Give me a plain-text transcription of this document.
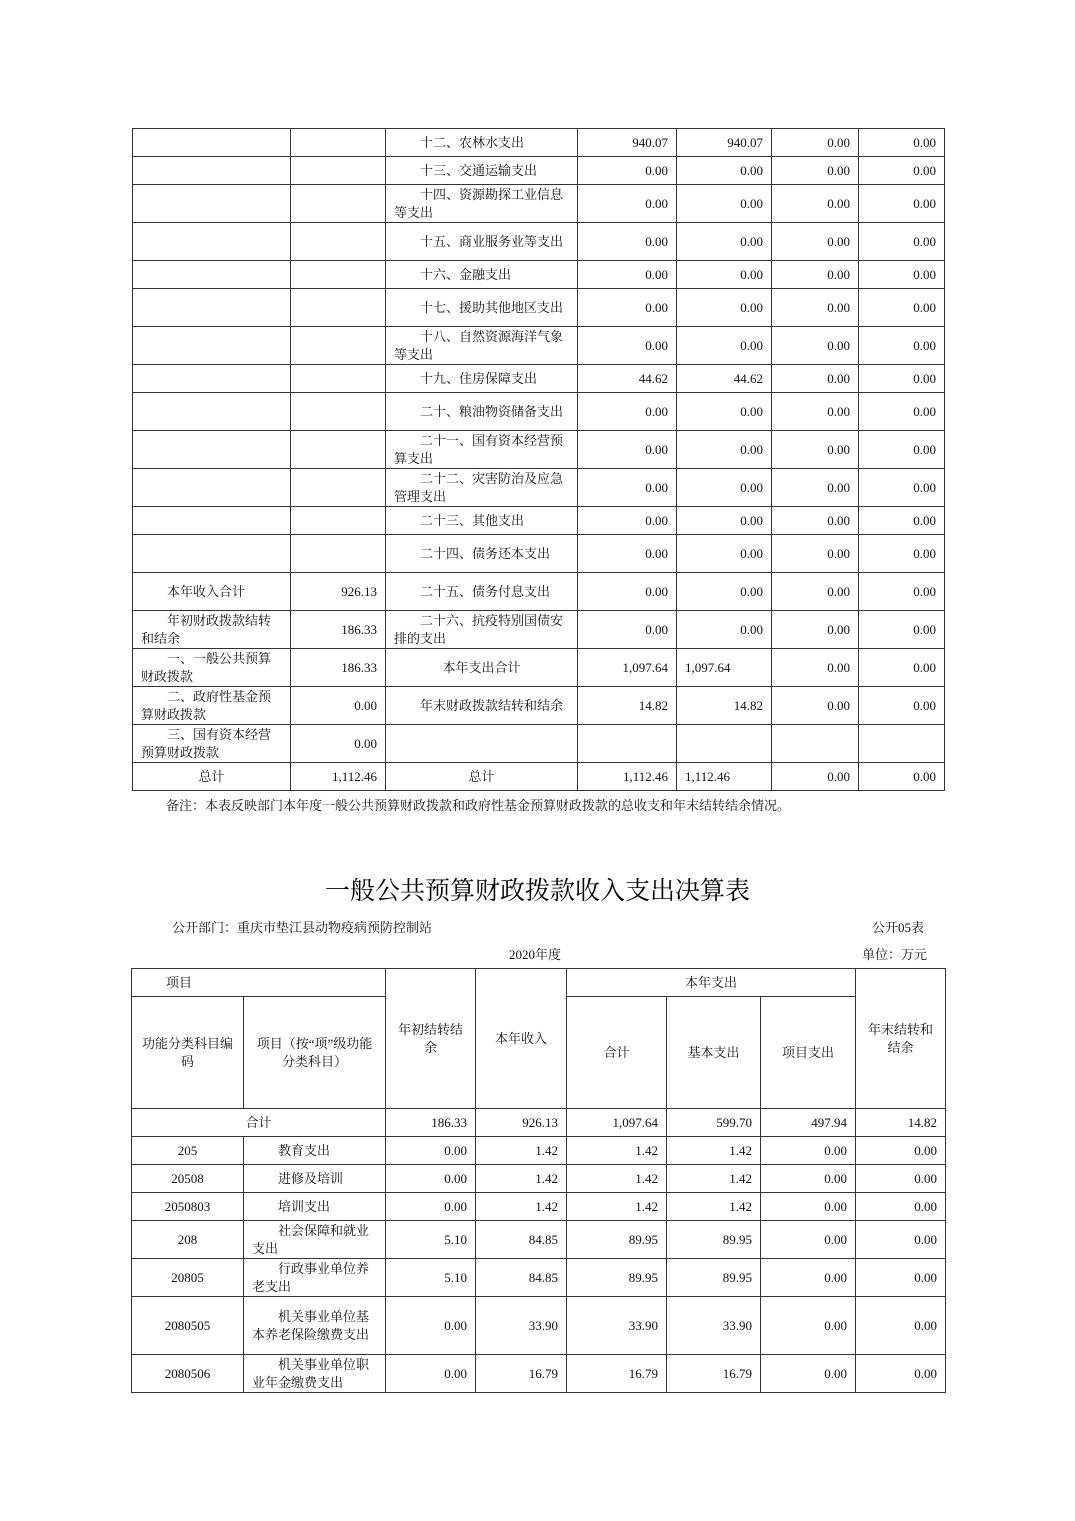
		十二、农林水支出	940.07	940.07	0.00	0.00
		十三、交通运输支出	0.00	0.00	0.00	0.00
		十四、资源勘探工业信息等支出	0.00	0.00	0.00	0.00
		十五、商业服务业等支出	0.00	0.00	0.00	0.00
		十六、金融支出	0.00	0.00	0.00	0.00
		十七、援助其他地区支出	0.00	0.00	0.00	0.00
		十八、自然资源海洋气象等支出	0.00	0.00	0.00	0.00
		十九、住房保障支出	44.62	44.62	0.00	0.00
		二十、粮油物资储备支出	0.00	0.00	0.00	0.00
		二十一、国有资本经营预算支出	0.00	0.00	0.00	0.00
		二十二、灾害防治及应急管理支出	0.00	0.00	0.00	0.00
		二十三、其他支出	0.00	0.00	0.00	0.00
		二十四、债务还本支出	0.00	0.00	0.00	0.00
本年收入合计	926.13	二十五、债务付息支出	0.00	0.00	0.00	0.00
年初财政拨款结转和结余	186.33	二十六、抗疫特别国债安排的支出	0.00	0.00	0.00	0.00
一、一般公共预算财政拨款	186.33	本年支出合计	1,097.64	1,097.64	0.00	0.00
二、政府性基金预算财政拨款	0.00	年末财政拨款结转和结余	14.82	14.82	0.00	0.00
三、国有资本经营预算财政拨款	0.00					
总计	1,112.46	总计	1,112.46	1,112.46	0.00	0.00
备注：本表反映部门本年度一般公共预算财政拨款和政府性基金预算财政拨款的总收支和年末结转结余情况。
一般公共预算财政拨款收入支出决算表
公开部门：重庆市垫江县动物疫病预防控制站	公开05表
2020年度	单位：万元
项目		年初结转结余	本年收入	本年支出			年末结转和结余
功能分类科目编码	项目（按“项”级功能分类科目）			合计	基本支出	项目支出	
合计		186.33	926.13	1,097.64	599.70	497.94	14.82
205	教育支出	0.00	1.42	1.42	1.42	0.00	0.00
20508	进修及培训	0.00	1.42	1.42	1.42	0.00	0.00
2050803	培训支出	0.00	1.42	1.42	1.42	0.00	0.00
208	社会保障和就业支出	5.10	84.85	89.95	89.95	0.00	0.00
20805	行政事业单位养老支出	5.10	84.85	89.95	89.95	0.00	0.00
2080505	机关事业单位基本养老保险缴费支出	0.00	33.90	33.90	33.90	0.00	0.00
2080506	机关事业单位职业年金缴费支出	0.00	16.79	16.79	16.79	0.00	0.00
